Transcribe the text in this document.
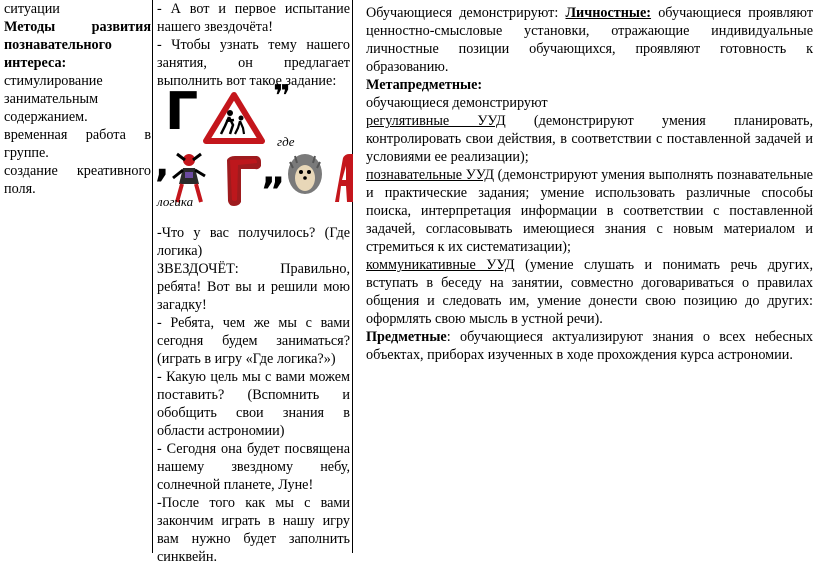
ситуации

Методы	развития

познавательного

интереса:

стимулирование

занимательным

содержанием.

временная работа в

группе.

создание креативного

поля.

- А вот и первое испытание нашего звездочёта!

- Чтобы узнать тему нашего занятия, он предлагает выполнить вот такое задание:

Г ❞
где
, „
логика

-Что у вас получилось? (Где логика)

ЗВЕЗДОЧЁТ: Правильно, ребята! Вот вы и решили мою загадку!

- Ребята, чем же мы с вами сегодня будем заниматься? (играть в игру «Где логика?»)

- Какую цель мы с вами можем поставить? (Вспомнить и обобщить свои знания в области астрономии)

- Сегодня она будет посвящена нашему звездному небу, солнечной планете, Луне!

-После того как мы с вами закончим играть в нашу игру вам нужно будет заполнить синквейн.

Обучающиеся демонстрируют: Личностные: обучающиеся проявляют ценностно-смысловые установки, отражающие индивидуальные личностные позиции обучающихся, проявляют готовность к образованию.

Метапредметные:

обучающиеся демонстрируют

регулятивные УУД (демонстрируют умения планировать, контролировать свои действия, в соответствии с поставленной задачей и условиями ее реализации);

познавательные УУД (демонстрируют умения выполнять познавательные и практические задания; умение использовать различные способы поиска, интерпретация информации в соответствии с поставленной задачей, согласовывать имеющиеся знания с новым материалом и стремиться к их систематизации);

коммуникативные УУД (умение слушать и понимать речь других, вступать в беседу на занятии, совместно договариваться о правилах общения и следовать им, умение донести свою позицию до других: оформлять свою мысль в устной речи).

Предметные: обучающиеся актуализируют знания о всех небесных объектах, приборах изученных в ходе прохождения курса астрономии.
